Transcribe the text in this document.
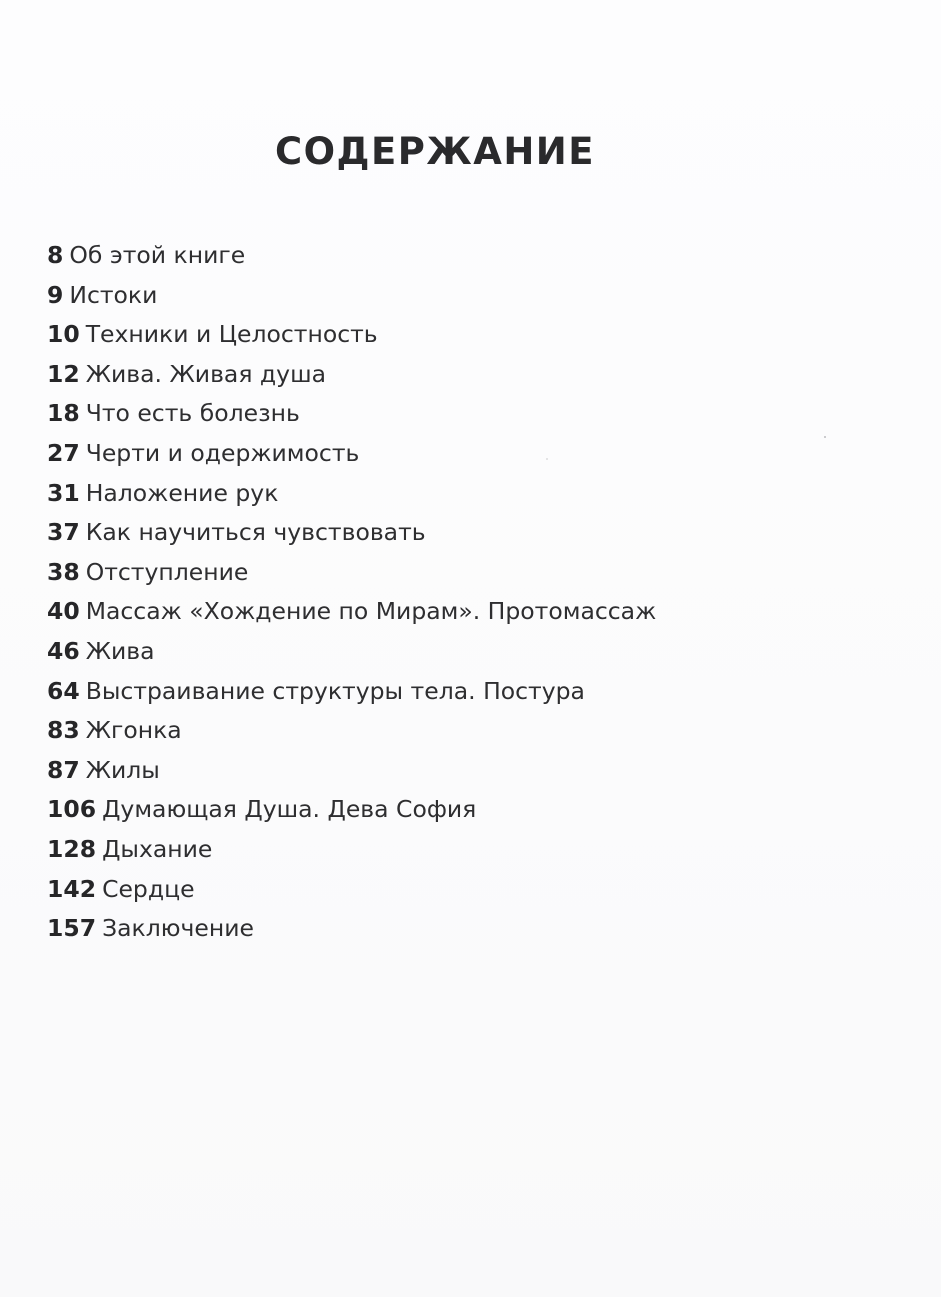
СОДЕРЖАНИЕ
8 Об этой книге
9 Истоки
10 Техники и Целостность
12 Жива. Живая душа
18 Что есть болезнь
27 Черти и одержимость
31 Наложение рук
37 Как научиться чувствовать
38 Отступление
40 Массаж «Хождение по Мирам». Протомассаж
46 Жива
64 Выстраивание структуры тела. Постура
83 Жгонка
87 Жилы
106 Думающая Душа. Дева София
128 Дыхание
142 Сердце
157 Заключение
